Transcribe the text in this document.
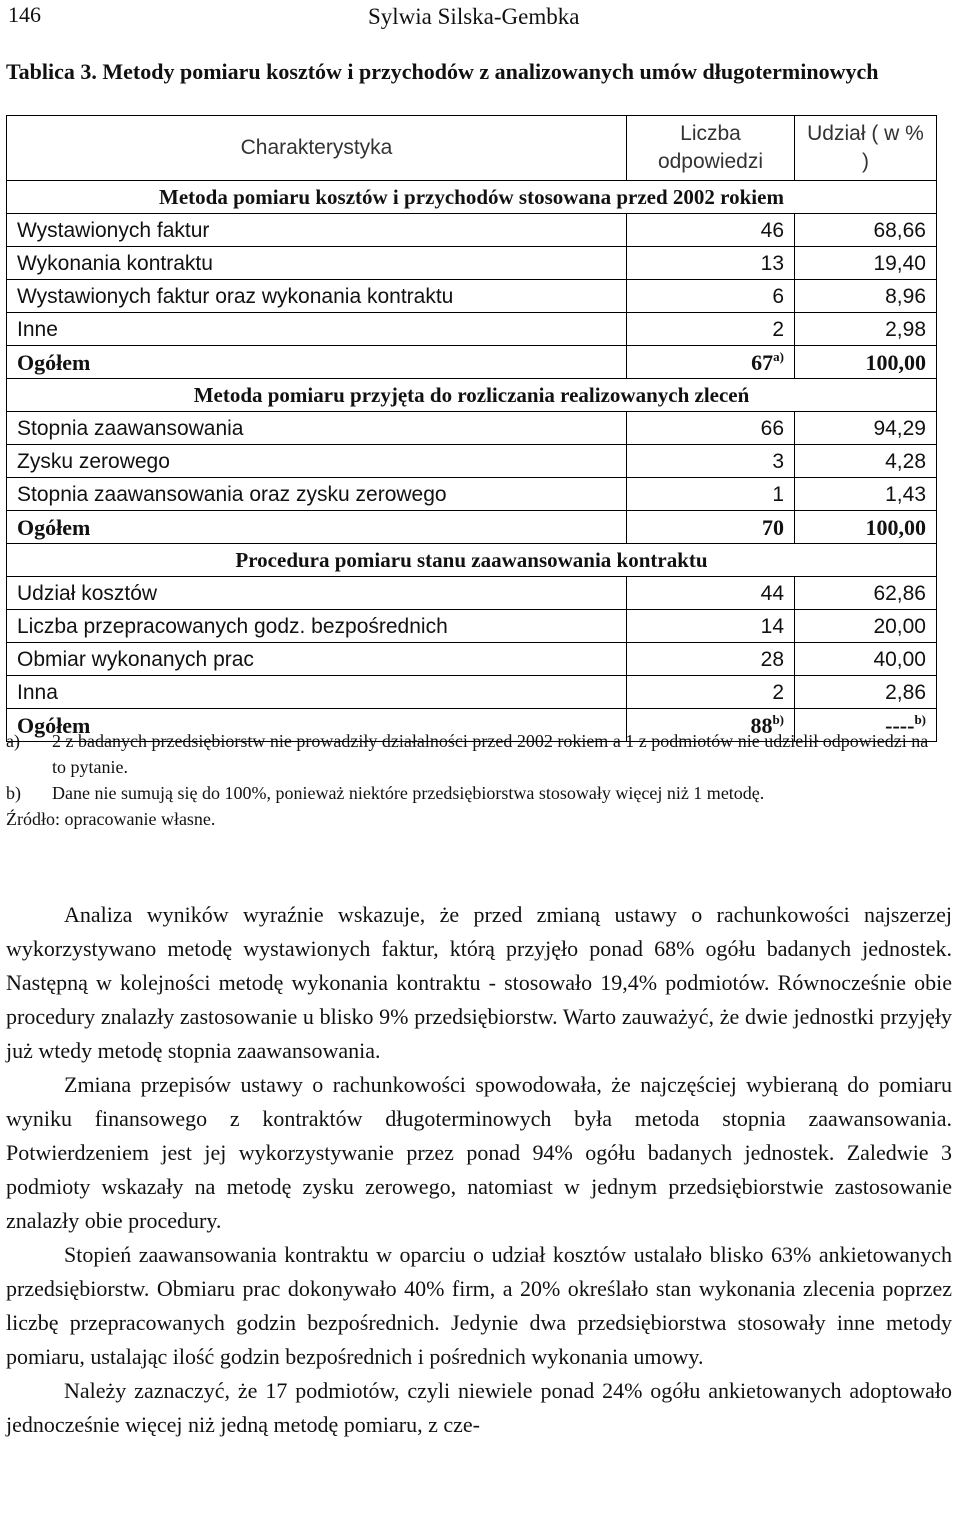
146	Sylwia Silska-Gembka

Tablica 3. Metody pomiaru kosztów i przychodów z analizowanych umów długoterminowych

Charakterystyka	Liczba odpowiedzi	Udział ( w % )
Metoda pomiaru kosztów i przychodów stosowana przed 2002 rokiem		
Wystawionych faktur	46	68,66
Wykonania kontraktu	13	19,40
Wystawionych faktur oraz wykonania kontraktu	6	8,96
Inne	2	2,98
Ogółem	67$^{a)}$	100,00
Metoda pomiaru przyjęta do rozliczania realizowanych zleceń		
Stopnia zaawansowania	66	94,29
Zysku zerowego	3	4,28
Stopnia zaawansowania oraz zysku zerowego	1	1,43
Ogółem	70	100,00
Procedura pomiaru stanu zaawansowania kontraktu		
Udział kosztów	44	62,86
Liczba przepracowanych godz. bezpośrednich	14	20,00
Obmiar wykonanych prac	28	40,00
Inna	2	2,86
Ogółem	88$^{b)}$	----$^{b)}$
a) 2 z badanych przedsiębiorstw nie prowadziły działalności przed 2002 rokiem a 1 z podmiotów nie udzielił odpowiedzi na to pytanie.
b) Dane nie sumują się do 100%, ponieważ niektóre przedsiębiorstwa stosowały więcej niż 1 metodę.
Źródło: opracowanie własne.

Analiza wyników wyraźnie wskazuje, że przed zmianą ustawy o rachunkowości najszerzej wykorzystywano metodę wystawionych faktur, którą przyjęło ponad 68% ogółu badanych jednostek. Następną w kolejności metodę wykonania kontraktu - stosowało 19,4% podmiotów. Równocześnie obie procedury znalazły zastosowanie u blisko 9% przedsiębiorstw. Warto zauważyć, że dwie jednostki przyjęły już wtedy metodę stopnia zaawansowania.

Zmiana przepisów ustawy o rachunkowości spowodowała, że najczęściej wybieraną do pomiaru wyniku finansowego z kontraktów długoterminowych była metoda stopnia zaawansowania. Potwierdzeniem jest jej wykorzystywanie przez ponad 94% ogółu badanych jednostek. Zaledwie 3 podmioty wskazały na metodę zysku zerowego, natomiast w jednym przedsiębiorstwie zastosowanie znalazły obie procedury.

Stopień zaawansowania kontraktu w oparciu o udział kosztów ustalało blisko 63% ankietowanych przedsiębiorstw. Obmiaru prac dokonywało 40% firm, a 20% określało stan wykonania zlecenia poprzez liczbę przepracowanych godzin bezpośrednich. Jedynie dwa przedsiębiorstwa stosowały inne metody pomiaru, ustalając ilość godzin bezpośrednich i pośrednich wykonania umowy.

Należy zaznaczyć, że 17 podmiotów, czyli niewiele ponad 24% ogółu ankietowanych adoptowało jednocześnie więcej niż jedną metodę pomiaru, z cze-
